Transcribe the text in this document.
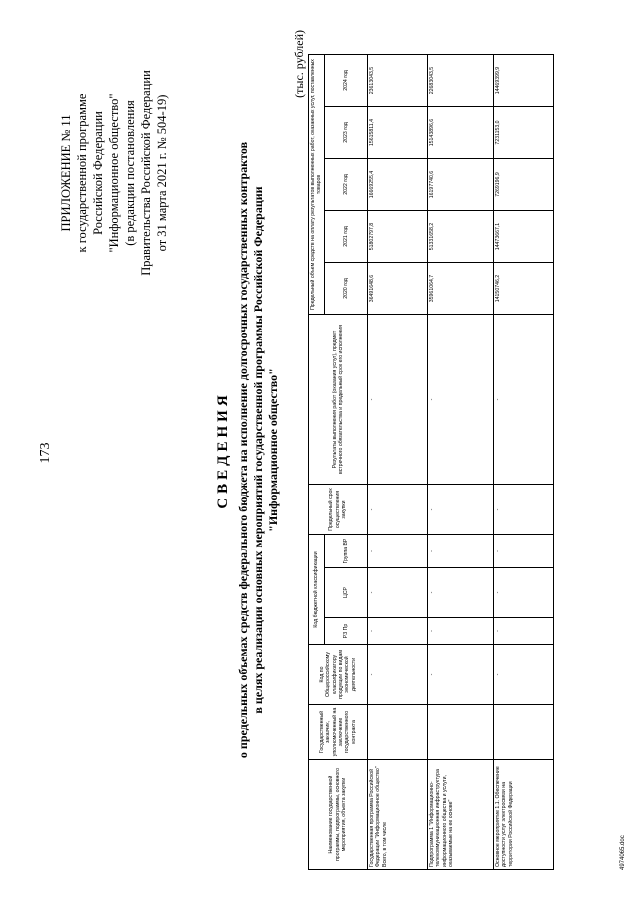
173
ПРИЛОЖЕНИЕ № 11 к государственной программе Российской Федерации "Информационное общество" (в редакции постановления Правительства Российской Федерации от 31 марта 2021 г. № 504-19)
СВЕДЕНИЯ о предельных объемах средств федерального бюджета на исполнение долгосрочных государственных контрактов в целях реализации основных мероприятий государственной программы Российской Федерации "Информационное общество"
(тыс. рублей)
Наименование государственной программы, подпрограммы, основного мероприятия, объекта закупки	Государственный заказчик, уполномоченный на заключение государственного контракта	Код по Общероссийскому классификатору продукции по видам экономической деятельности	Код бюджетной классификации			Предельный срок осуществления закупки	Результаты выполнения работ (оказания услуг), предмет встречного обязательства и предельный срок его исполнения	Предельный объем средств на оплату результатов выполненных работ, оказанных услуг, поставленных товаров				
			РЗ Пр	ЦСР	Группа ВР			2020 год	2021 год	2022 год	2023 год	2024 год
Государственная программа Российской Федерации "Информационное общество" Всего, в том числе		-	-	-	-	-	-	36491648,6	51802797,8	16669255,4	15615811,4	23613043,5
Подпрограмма 1 "Информационно-телекоммуникационная инфраструктура информационного общества и услуги, оказываемые на ее основе"		-	-	-	-	-	-	35961064,7	51331658,2	16197740,6	15143896,6	22683043,5
Основное мероприятие 1.1. Обеспечение доступности услуг электросвязи на территории Российской Федерации		-	-	-	-	-	-	14150746,2	14473667,1	7269196,9	7231153,0	14469399,9
4974065.doc
